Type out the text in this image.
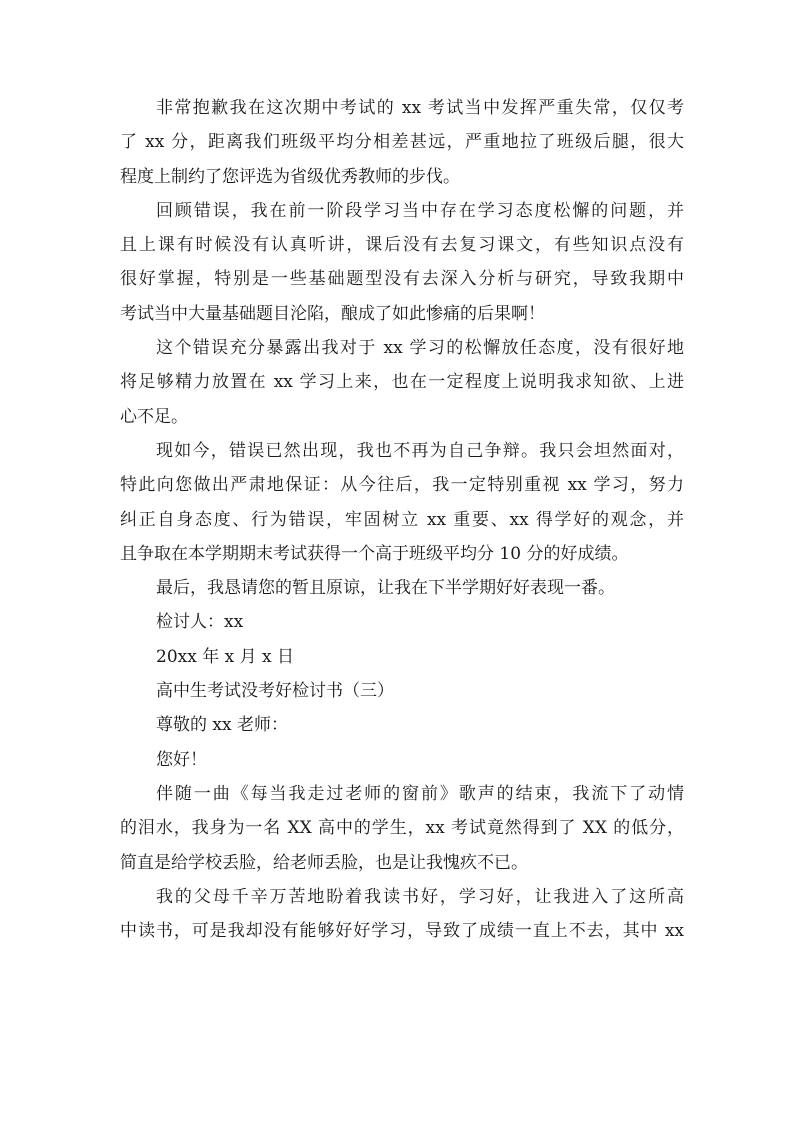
非常抱歉我在这次期中考试的 xx 考试当中发挥严重失常，仅仅考
了 xx 分，距离我们班级平均分相差甚远，严重地拉了班级后腿，很大
程度上制约了您评选为省级优秀教师的步伐。
回顾错误，我在前一阶段学习当中存在学习态度松懈的问题，并
且上课有时候没有认真听讲，课后没有去复习课文，有些知识点没有
很好掌握，特别是一些基础题型没有去深入分析与研究，导致我期中
考试当中大量基础题目沦陷，酿成了如此惨痛的后果啊！
这个错误充分暴露出我对于 xx 学习的松懈放任态度，没有很好地
将足够精力放置在 xx 学习上来，也在一定程度上说明我求知欲、上进
心不足。
现如今，错误已然出现，我也不再为自己争辩。我只会坦然面对，
特此向您做出严肃地保证：从今往后，我一定特别重视 xx 学习，努力
纠正自身态度、行为错误，牢固树立 xx 重要、xx 得学好的观念，并
且争取在本学期期末考试获得一个高于班级平均分 10 分的好成绩。
最后，我恳请您的暂且原谅，让我在下半学期好好表现一番。
检讨人：xx
20xx 年 x 月 x 日
高中生考试没考好检讨书（三）
尊敬的 xx 老师：
您好！
伴随一曲《每当我走过老师的窗前》歌声的结束，我流下了动情
的泪水，我身为一名 XX 高中的学生，xx 考试竟然得到了 XX 的低分，
简直是给学校丢脸，给老师丢脸，也是让我愧疚不已。
我的父母千辛万苦地盼着我读书好，学习好，让我进入了这所高
中读书，可是我却没有能够好好学习，导致了成绩一直上不去，其中 xx
